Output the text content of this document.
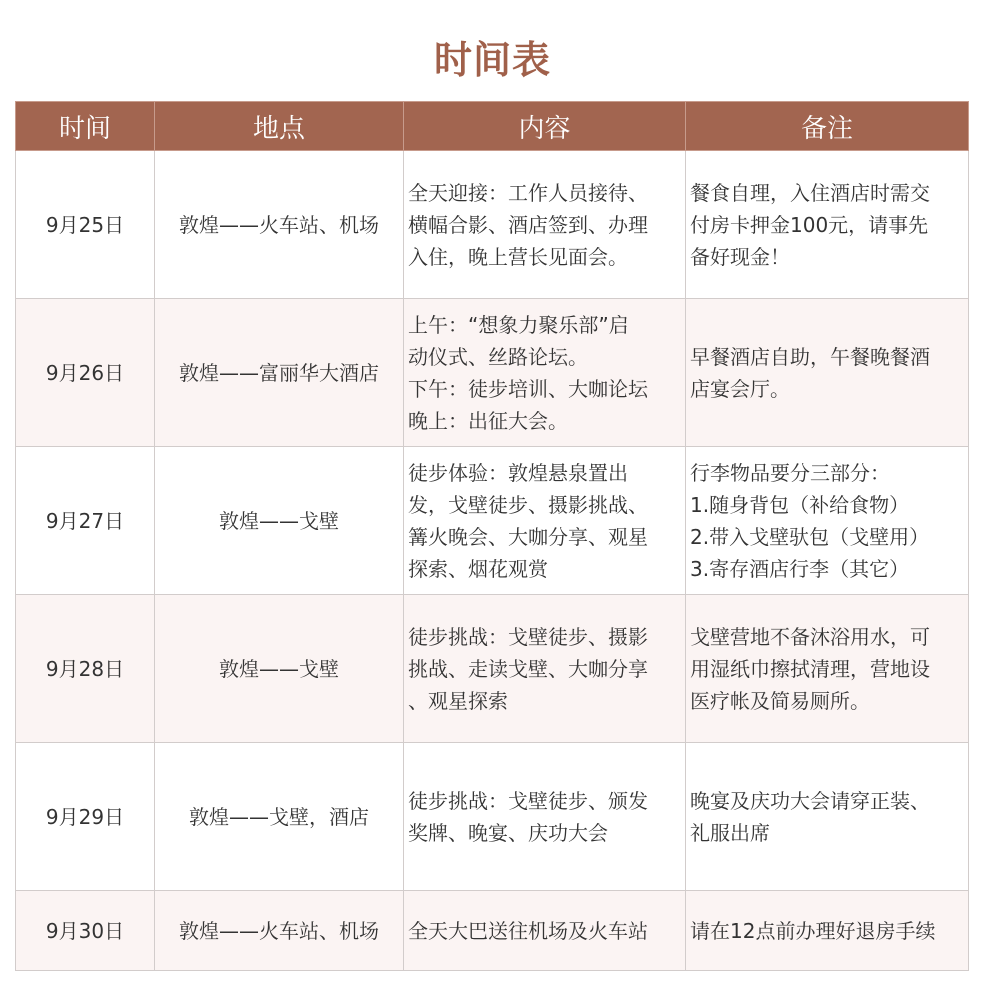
时间表
时间	地点	内容	备注
9月25日	敦煌——火车站、机场	全天迎接：工作人员接待、
横幅合影、酒店签到、办理
入住，晚上营长见面会。	餐食自理，入住酒店时需交
付房卡押金100元，请事先
备好现金！
9月26日	敦煌——富丽华大酒店	上午：“想象力聚乐部”启
动仪式、丝路论坛。
下午：徒步培训、大咖论坛
晚上：出征大会。	早餐酒店自助，午餐晚餐酒
店宴会厅。
9月27日	敦煌——戈壁	徒步体验：敦煌悬泉置出
发，戈壁徒步、摄影挑战、
篝火晚会、大咖分享、观星
探索、烟花观赏	行李物品要分三部分：
1.随身背包（补给食物）
2.带入戈壁驮包（戈壁用）
3.寄存酒店行李（其它）
9月28日	敦煌——戈壁	徒步挑战：戈壁徒步、摄影
挑战、走读戈壁、大咖分享
、观星探索	戈壁营地不备沐浴用水，可
用湿纸巾擦拭清理，营地设
医疗帐及简易厕所。
9月29日	敦煌——戈壁，酒店	徒步挑战：戈壁徒步、颁发
奖牌、晚宴、庆功大会	晚宴及庆功大会请穿正装、
礼服出席
9月30日	敦煌——火车站、机场	全天大巴送往机场及火车站	请在12点前办理好退房手续
